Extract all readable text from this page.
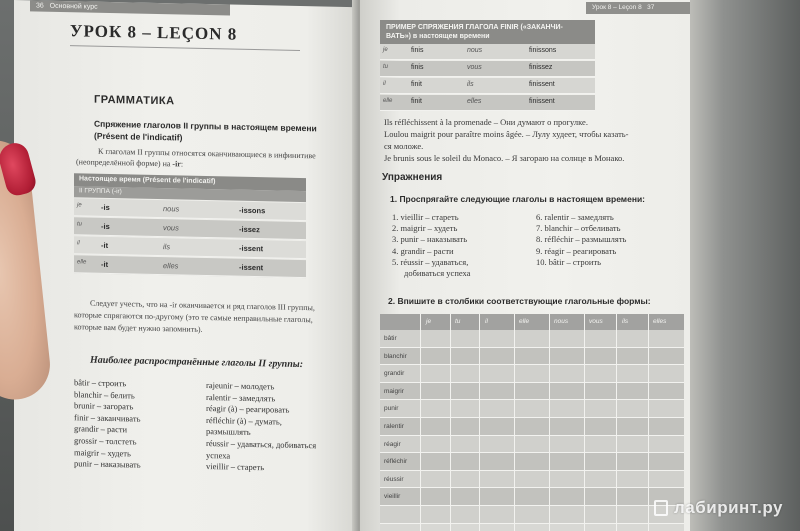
36 Основной курс
УРОК 8 – LEÇON 8
ГРАММАТИКА
Спряжение глаголов II группы в настоящем времени (Présent de l'indicatif)
К глаголам II группы относятся оканчивающиеся в инфинитиве
(неопределённой форме) на -ir:
Настоящее время (Présent de l'indicatif)
II ГРУППА (-ir)
je	-is	nous	-issons
tu	-is	vous	-issez
il	-it	ils	-issent
elle	-it	elles	-issent
Следует учесть, что на -ir оканчивается и ряд глаголов III группы,
которые спрягаются по-другому (это те самые неправильные глаголы,
которые вам будет нужно запомнить).
Наиболее распространённые глаголы II группы:
bâtir – строить
blanchir – белить
brunir – загорать
finir – заканчивать
grandir – расти
grossir – толстеть
maigrir – худеть
punir – наказывать
rajeunir – молодеть
ralentir – замедлять
réagir (à) – реагировать
réfléchir (à) – думать,
размышлять
réussir – удаваться, добиваться
успеха
vieillir – стареть
Урок 8 – Leçon 8 37
ПРИМЕР СПРЯЖЕНИЯ ГЛАГОЛА FINIR («ЗАКАНЧИ-
ВАТЬ») в настоящем времени
je	finis	nous	finissons
tu	finis	vous	finissez
il	finit	ils	finissent
elle	finit	elles	finissent
Ils réfléchissent à la promenade – Они думают о прогулке.
Loulou maigrit pour paraître moins âgée. – Лулу худеет, чтобы казать-
ся моложе.
Je brunis sous le soleil du Monaco. – Я загораю на солнце в Монако.
Упражнения
1. Проспрягайте следующие глаголы в настоящем времени:
1. vieillir – стареть
2. maigrir – худеть
3. punir – наказывать
4. grandir – расти
5. réussir – удаваться,
добиваться успеха
6. ralentir – замедлять
7. blanchir – отбеливать
8. réfléchir – размышлять
9. réagir – реагировать
10. bâtir – строить
2. Впишите в столбики соответствующие глагольные формы:
je	tu	il	elle	nous	vous	ils	elles
bâtir
blanchir
grandir
maigrir
punir
ralentir
réagir
réfléchir
réussir
vieillir
лабиринт.ру
